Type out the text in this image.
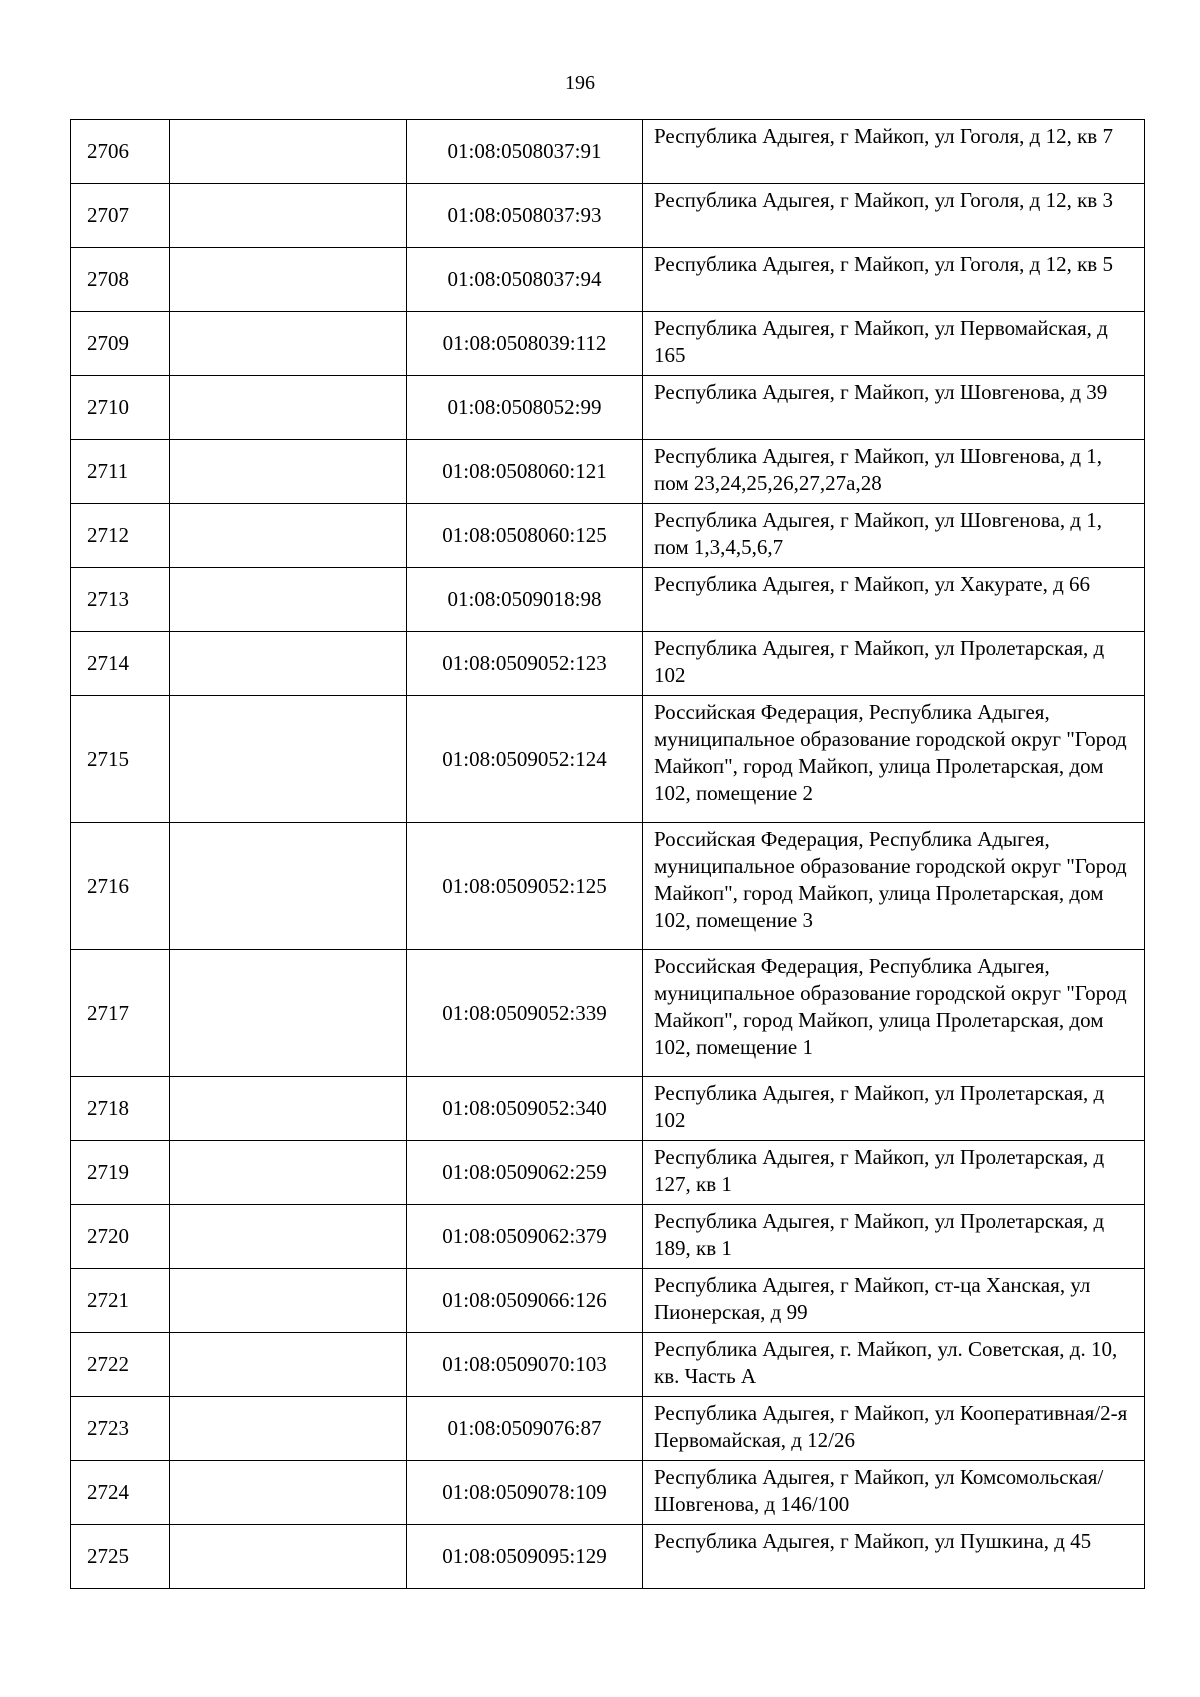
196
2706		01:08:0508037:91	Республика Адыгея, г Майкоп, ул Гоголя, д 12, кв 7
2707		01:08:0508037:93	Республика Адыгея, г Майкоп, ул Гоголя, д 12, кв 3
2708		01:08:0508037:94	Республика Адыгея, г Майкоп, ул Гоголя, д 12, кв 5
2709		01:08:0508039:112	Республика Адыгея, г Майкоп, ул Первомайская, д 165
2710		01:08:0508052:99	Республика Адыгея, г Майкоп, ул Шовгенова, д 39
2711		01:08:0508060:121	Республика Адыгея, г Майкоп, ул Шовгенова, д 1, пом 23,24,25,26,27,27а,28
2712		01:08:0508060:125	Республика Адыгея, г Майкоп, ул Шовгенова, д 1, пом 1,3,4,5,6,7
2713		01:08:0509018:98	Республика Адыгея, г Майкоп, ул Хакурате, д 66
2714		01:08:0509052:123	Республика Адыгея, г Майкоп, ул Пролетарская, д 102
2715		01:08:0509052:124	Российская Федерация, Республика Адыгея, муниципальное образование городской округ "Город Майкоп", город Майкоп, улица Пролетарская, дом 102, помещение 2
2716		01:08:0509052:125	Российская Федерация, Республика Адыгея, муниципальное образование городской округ "Город Майкоп", город Майкоп, улица Пролетарская, дом 102, помещение 3
2717		01:08:0509052:339	Российская Федерация, Республика Адыгея, муниципальное образование городской округ "Город Майкоп", город Майкоп, улица Пролетарская, дом 102, помещение 1
2718		01:08:0509052:340	Республика Адыгея, г Майкоп, ул Пролетарская, д 102
2719		01:08:0509062:259	Республика Адыгея, г Майкоп, ул Пролетарская, д 127, кв 1
2720		01:08:0509062:379	Республика Адыгея, г Майкоп, ул Пролетарская, д 189, кв 1
2721		01:08:0509066:126	Республика Адыгея, г Майкоп, ст-ца Ханская, ул Пионерская, д 99
2722		01:08:0509070:103	Республика Адыгея, г. Майкоп, ул. Советская, д. 10, кв. Часть А
2723		01:08:0509076:87	Республика Адыгея, г Майкоп, ул Кооперативная/2-я Первомайская, д 12/26
2724		01:08:0509078:109	Республика Адыгея, г Майкоп, ул Комсомольская/Шовгенова, д 146/100
2725		01:08:0509095:129	Республика Адыгея, г Майкоп, ул Пушкина, д 45
